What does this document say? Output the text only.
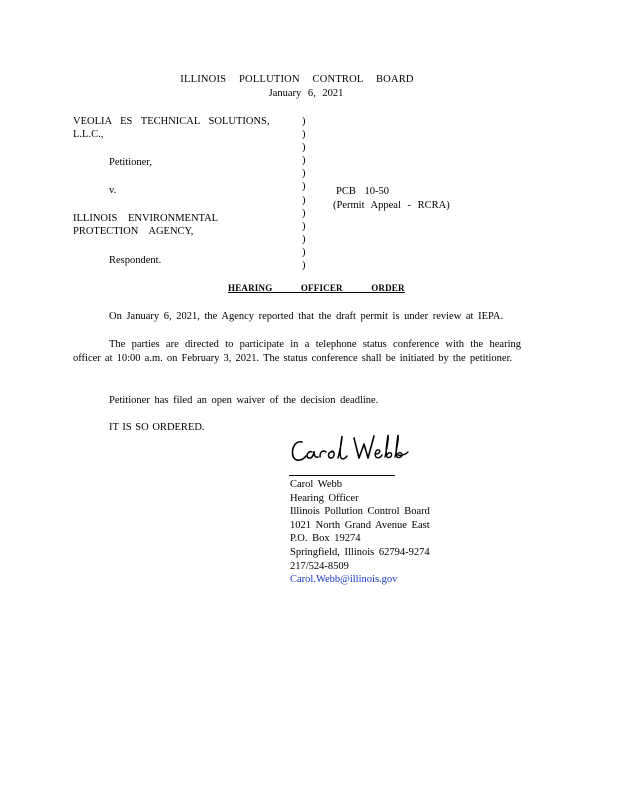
ILLINOIS POLLUTION CONTROL BOARD
January 6, 2021
VEOLIA ES TECHNICAL SOLUTIONS,
L.L.C.,
Petitioner,
v.
ILLINOIS ENVIRONMENTAL
PROTECTION AGENCY,
Respondent.
)
)
)
)
)
)
)
)
)
)
)
)
PCB 10-50
(Permit Appeal - RCRA)
HEARING OFFICER ORDER
On January 6, 2021, the Agency reported that the draft permit is under review at IEPA.
The parties are directed to participate in a telephone status conference with the hearing officer at 10:00 a.m. on February 3, 2021. The status conference shall be initiated by the petitioner.
Petitioner has filed an open waiver of the decision deadline.
IT IS SO ORDERED.
Carol Webb
Hearing Officer
Illinois Pollution Control Board
1021 North Grand Avenue East
P.O. Box 19274
Springfield, Illinois 62794-9274
217/524-8509
Carol.Webb@illinois.gov
